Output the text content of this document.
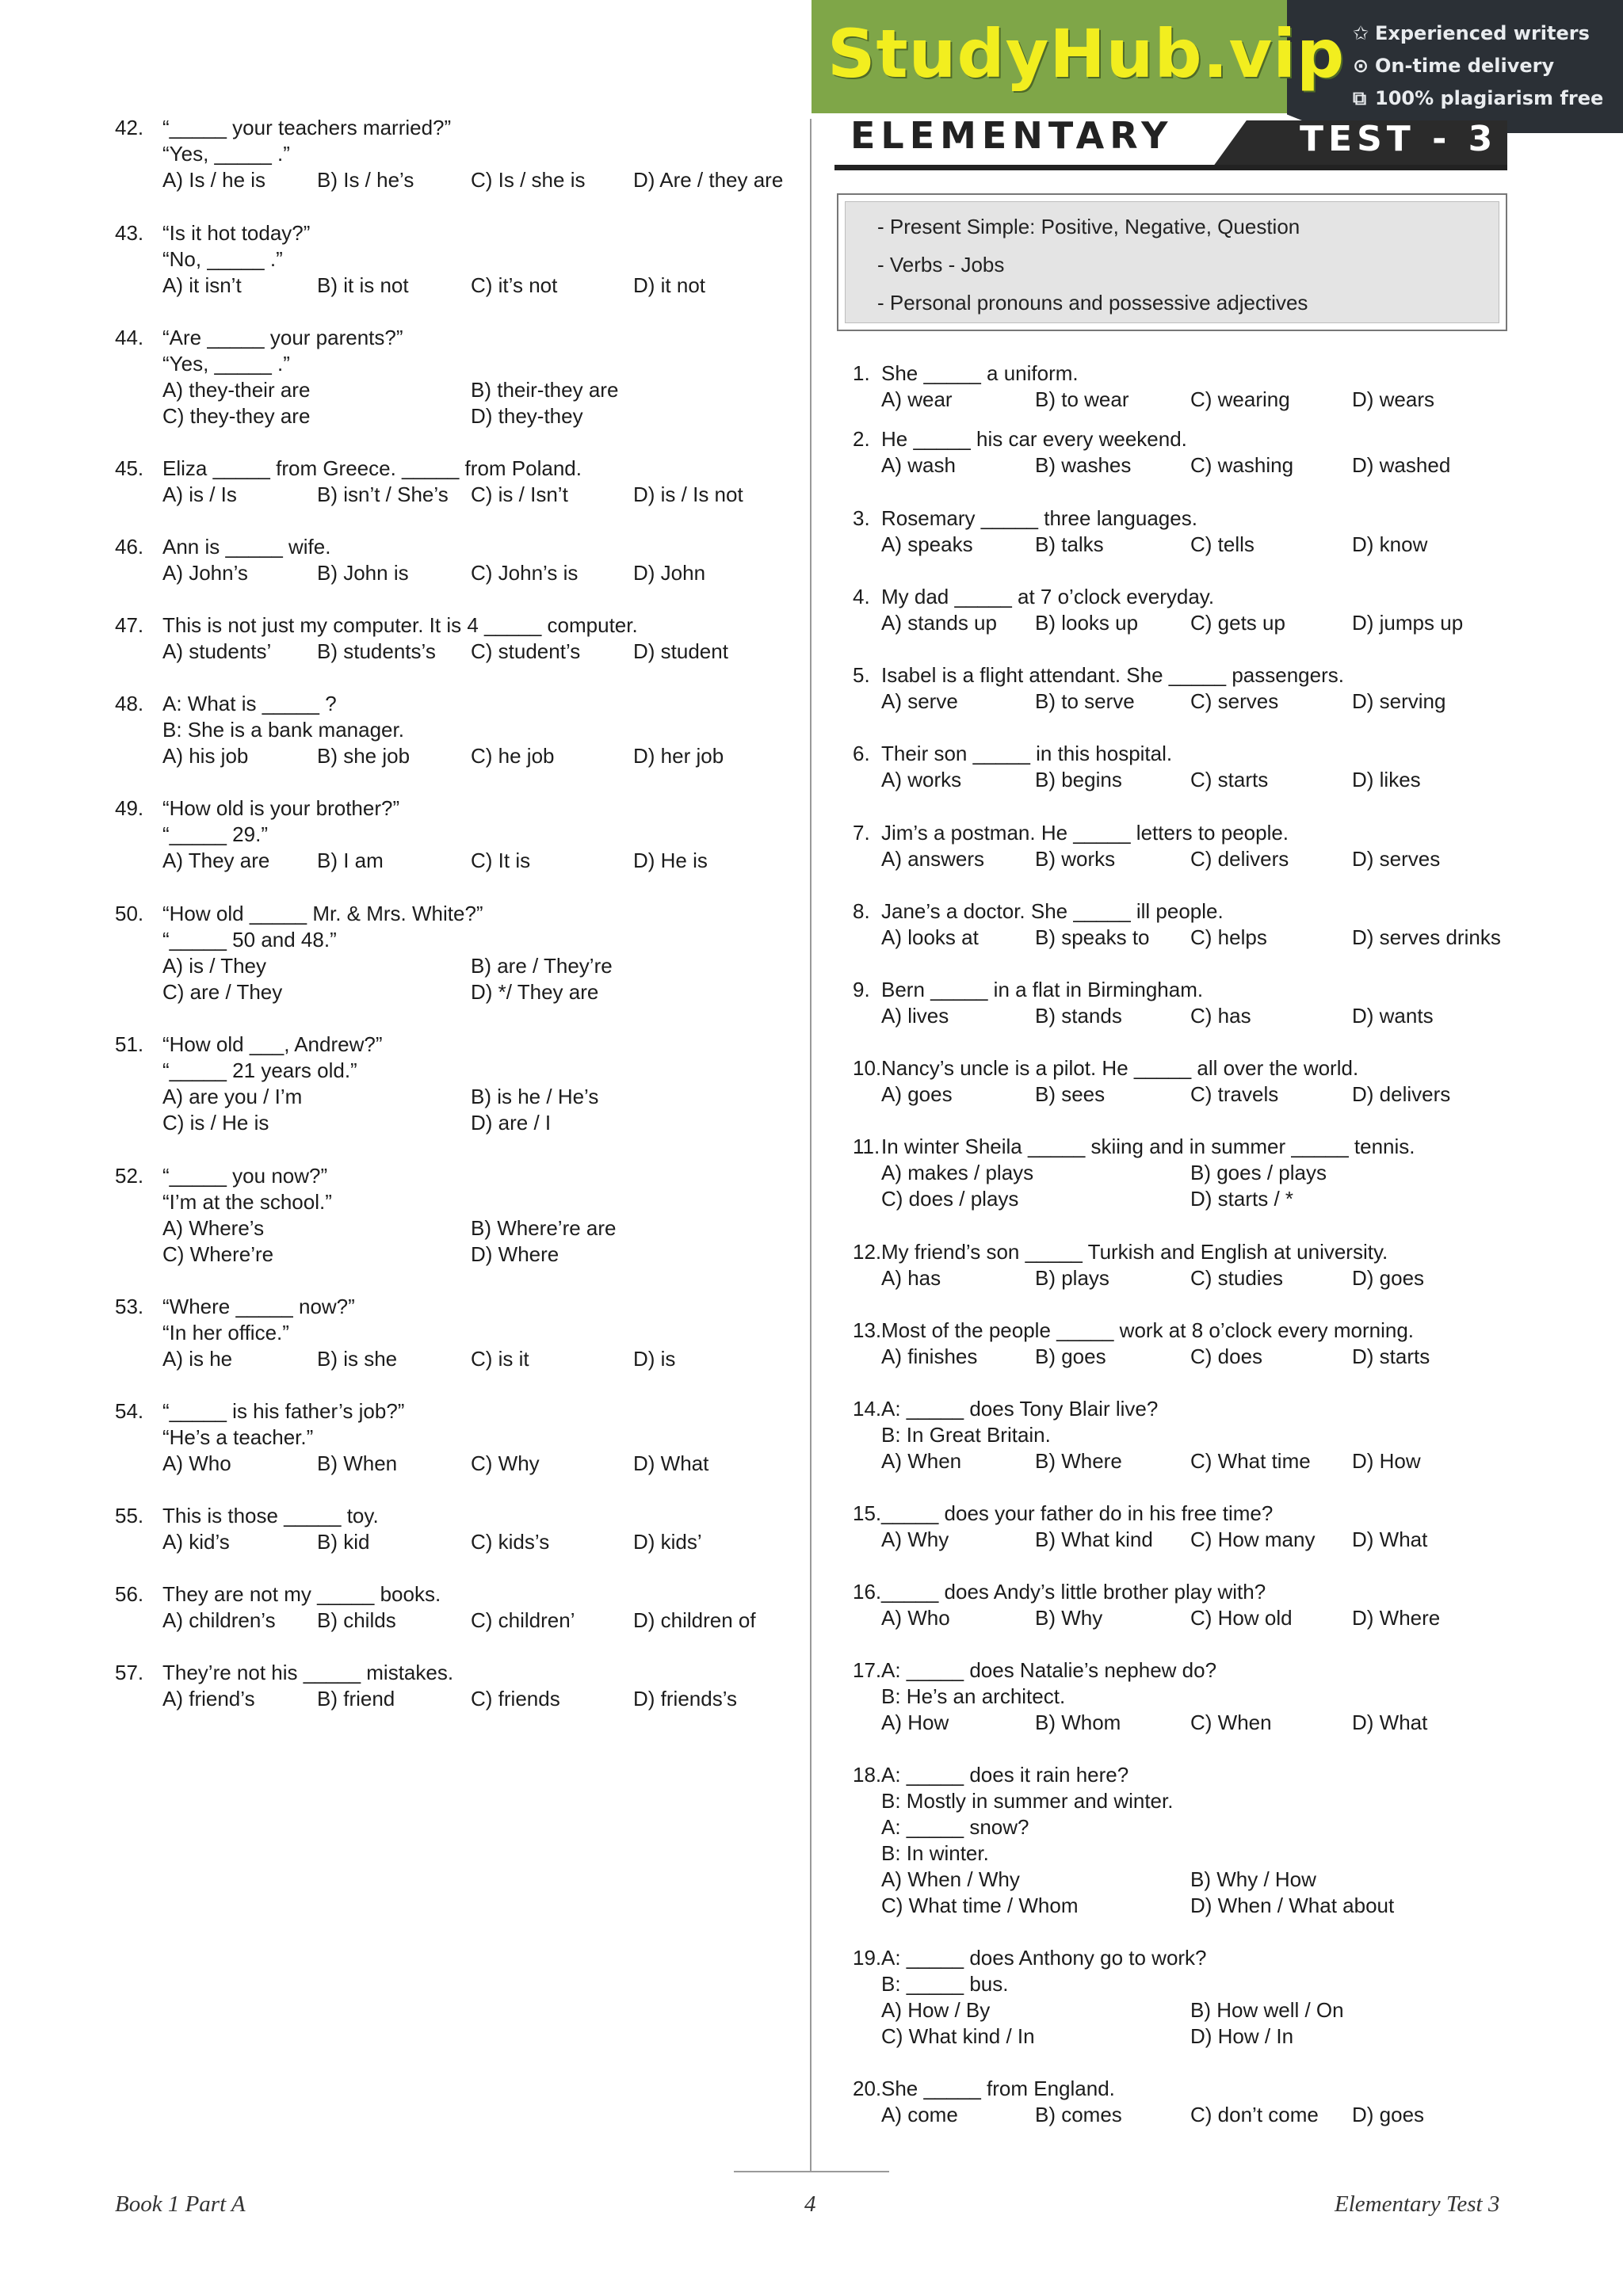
StudyHub.vip ✩ Experienced writers
⊙ On-time delivery
⧉ 100% plagiarism free
ELEMENTARY	TEST - 3
- Present Simple: Positive, Negative, Question
- Verbs - Jobs
- Personal pronouns and possessive adjectives
42. “_____ your teachers married?”
“Yes, _____ .”
A) Is / he is B) Is / he’s	C) Is / she is D) Are / they are
43. “Is it hot today?”
“No, _____ .”
A) it isn’t	B) it is not	C) it’s not	D) it not
44. “Are _____ your parents?”
“Yes, _____ .”
A) they-their are	B) their-they are
C) they-they are	D) they-they
45. Eliza _____ from Greece. _____ from Poland.
A) is / Is	B) isn’t / She’s C) is / Isn’t	D) is / Is not
46. Ann is _____ wife.
A) John’s	B) John is	C) John’s is	D) John
47. This is not just my computer. It is 4 _____ computer.
A) students’ B) students’s C) student’s	D) student
48. A: What is _____ ?
B: She is a bank manager.
A) his job	B) she job	C) he job	D) her job
49. “How old is your brother?”
“_____ 29.”
A) They are B) I am	C) It is	D) He is
50. “How old _____ Mr. & Mrs. White?”
“_____ 50 and 48.”
A) is / They	B) are / They’re
C) are / They	D) */ They are
51. “How old ___, Andrew?”
“_____ 21 years old.”
A) are you / I’m	B) is he / He’s
C) is / He is	D) are / I
52. “_____ you now?”
“I’m at the school.”
A) Where’s	B) Where’re are
C) Where’re	D) Where
53. “Where _____ now?”
“In her office.”
A) is he	B) is she	C) is it	D) is
54. “_____ is his father’s job?”
“He’s a teacher.”
A) Who	B) When	C) Why	D) What
55. This is those _____ toy.
A) kid’s	B) kid	C) kids’s	D) kids’
56. They are not my _____ books.
A) children’s B) childs	C) children’	D) children of
57. They’re not his _____ mistakes.
A) friend’s	B) friend	C) friends	D) friends’s
1. She _____ a uniform.
A) wear	B) to wear	C) wearing	D) wears
2. He _____ his car every weekend.
A) wash	B) washes	C) washing	D) washed
3. Rosemary _____ three languages.
A) speaks	B) talks	C) tells	D) know
4. My dad _____ at 7 o’clock everyday.
A) stands up B) looks up	C) gets up	D) jumps up
5. Isabel is a flight attendant. She _____ passengers.
A) serve	B) to serve	C) serves	D) serving
6. Their son _____ in this hospital.
A) works	B) begins	C) starts	D) likes
7. Jim’s a postman. He _____ letters to people.
A) answers B) works	C) delivers	D) serves
8. Jane’s a doctor. She _____ ill people.
A) looks at	B) speaks to C) helps	D) serves drinks
9. Bern _____ in a flat in Birmingham.
A) lives	B) stands	C) has	D) wants
10. Nancy’s uncle is a pilot. He _____ all over the world.
A) goes	B) sees	C) travels	D) delivers
11. In winter Sheila _____ skiing and in summer _____ tennis.
A) makes / plays	B) goes / plays
C) does / plays	D) starts / *
12. My friend’s son _____ Turkish and English at university.
A) has	B) plays	C) studies	D) goes
13. Most of the people _____ work at 8 o’clock every morning.
A) finishes	B) goes	C) does	D) starts
14. A: _____ does Tony Blair live?
B: In Great Britain.
A) When	B) Where	C) What time D) How
15. _____ does your father do in his free time?
A) Why	B) What kind C) How many D) What
16. _____ does Andy’s little brother play with?
A) Who	B) Why	C) How old	D) Where
17. A: _____ does Natalie’s nephew do?
B: He’s an architect.
A) How	B) Whom	C) When	D) What
18. A: _____ does it rain here?
B: Mostly in summer and winter.
A: _____ snow?
B: In winter.
A) When / Why	B) Why / How
C) What time / Whom	D) When / What about
19. A: _____ does Anthony go to work?
B: _____ bus.
A) How / By	B) How well / On
C) What kind / In	D) How / In
20. She _____ from England.
A) come	B) comes	C) don’t come D) goes
Book 1 Part A	4	Elementary Test 3
